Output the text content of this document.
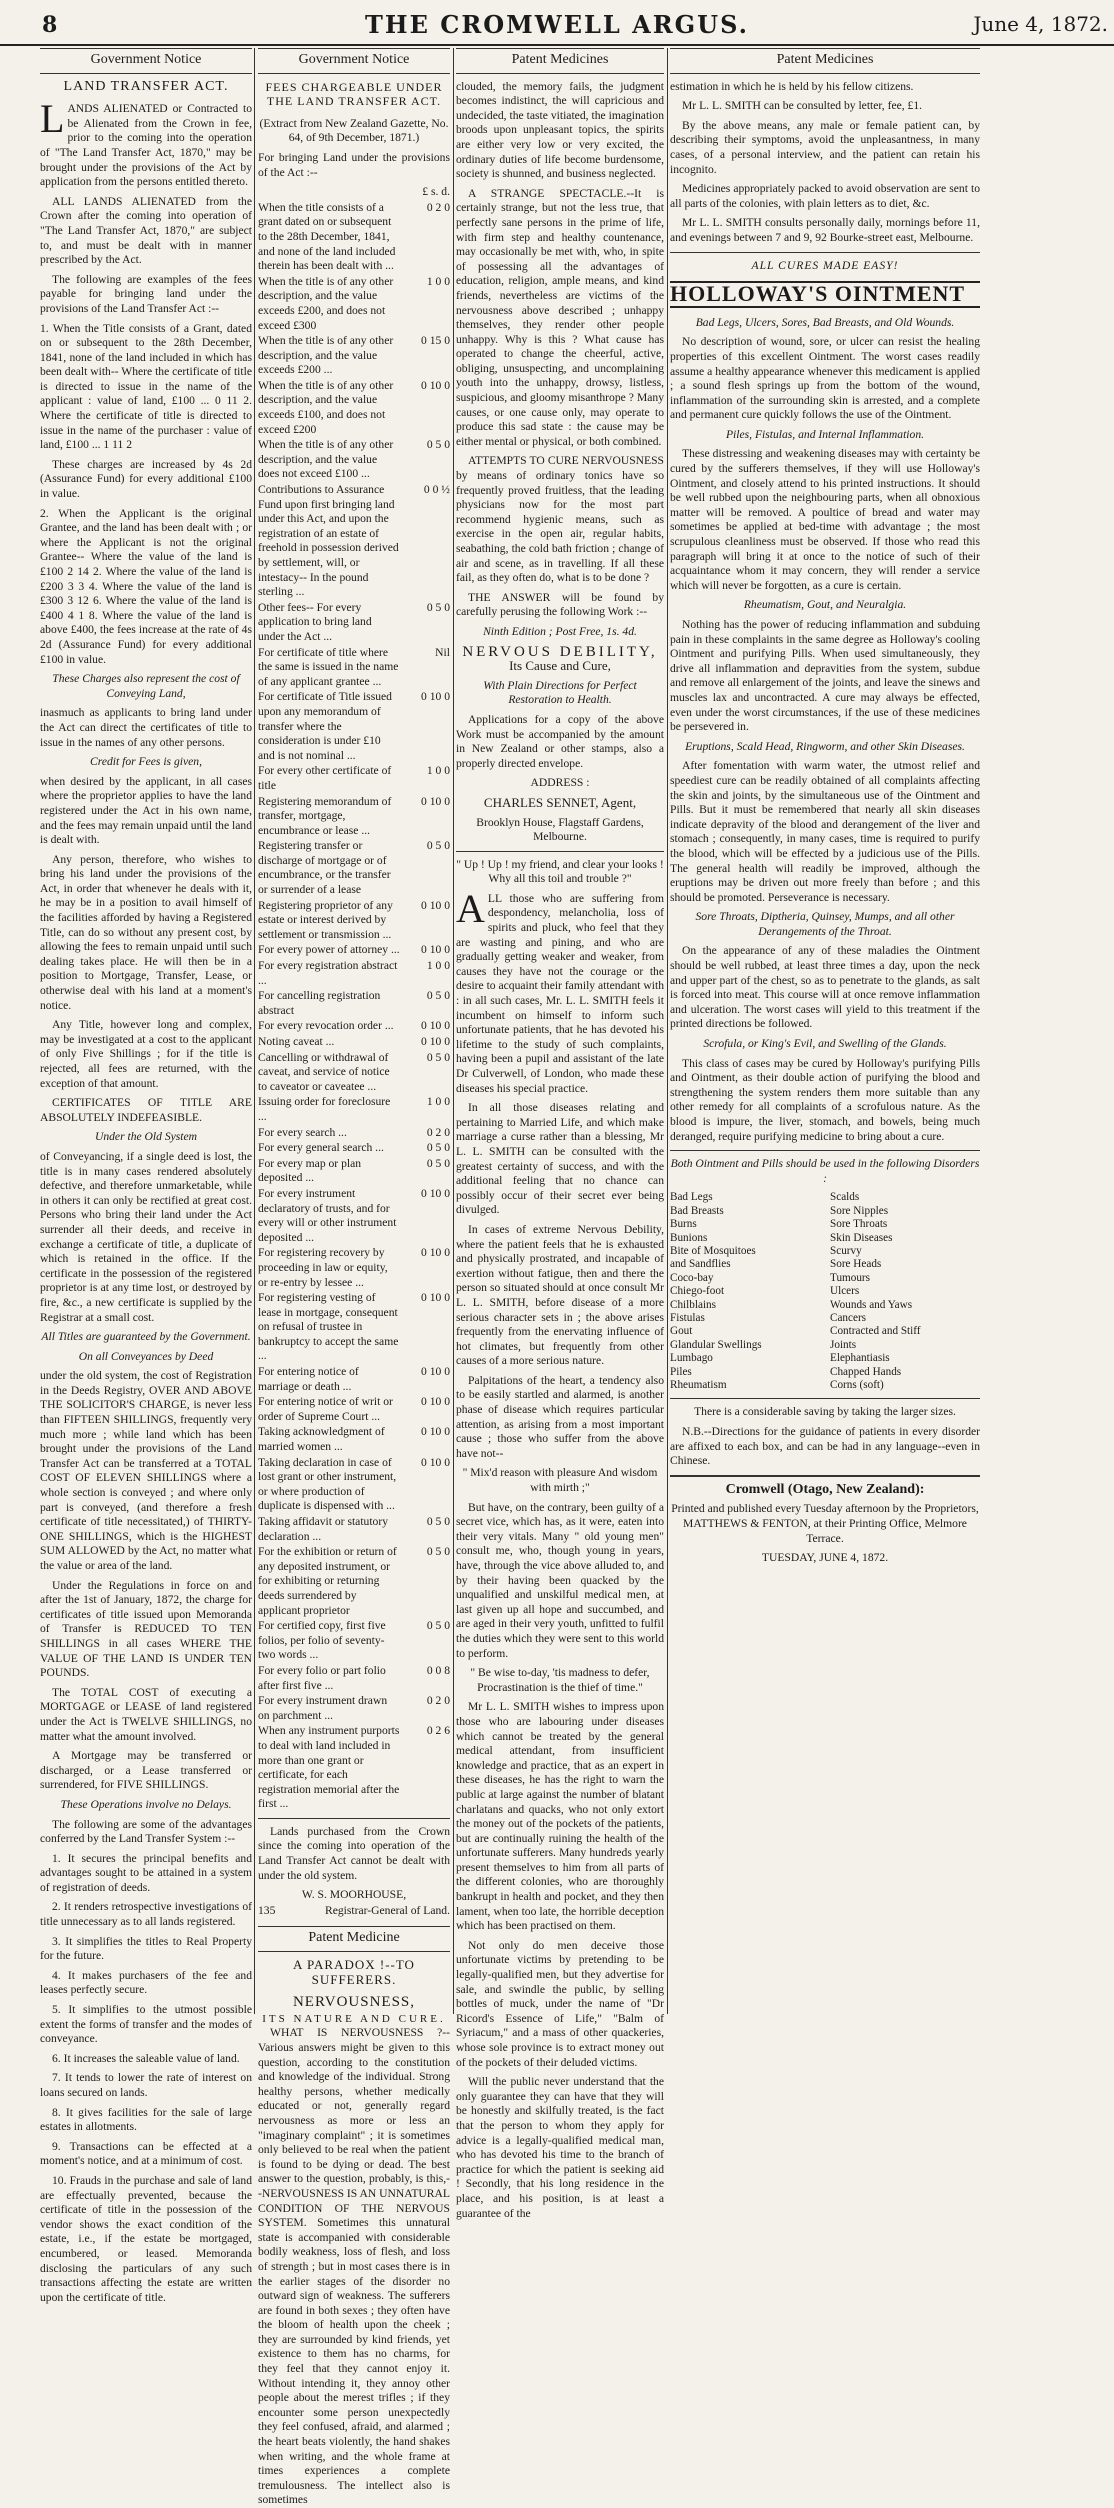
8	THE CROMWELL ARGUS.	June 4, 1872.
Government Notice
LAND TRANSFER ACT.

LANDS ALIENATED or Contracted to be Alienated from the Crown in fee, prior to the coming into the operation of "The Land Transfer Act, 1870," may be brought under the provisions of the Act by application from the persons entitled thereto.

ALL LANDS ALIENATED from the Crown after the coming into operation of "The Land Transfer Act, 1870," are subject to, and must be dealt with in manner prescribed by the Act.

The following are examples of the fees payable for bringing land under the provisions of the Land Transfer Act :--

1. When the Title consists of a Grant, dated on or subsequent to the 28th December, 1841, none of the land included in which has been dealt with-- Where the certificate of title is directed to issue in the name of the applicant : value of land, £100 ... 0 11 2. Where the certificate of title is directed to issue in the name of the purchaser : value of land, £100 ... 1 11 2

These charges are increased by 4s 2d (Assurance Fund) for every additional £100 in value.

2. When the Applicant is the original Grantee, and the land has been dealt with ; or where the Applicant is not the original Grantee-- Where the value of the land is £100 2 14 2. Where the value of the land is £200 3 3 4. Where the value of the land is £300 3 12 6. Where the value of the land is £400 4 1 8. Where the value of the land is above £400, the fees increase at the rate of 4s 2d (Assurance Fund) for every additional £100 in value.

These Charges also represent the cost of Conveying Land,

inasmuch as applicants to bring land under the Act can direct the certificates of title to issue in the names of any other persons.

Credit for Fees is given,

when desired by the applicant, in all cases where the proprietor applies to have the land registered under the Act in his own name, and the fees may remain unpaid until the land is dealt with.

Any person, therefore, who wishes to bring his land under the provisions of the Act, in order that whenever he deals with it, he may be in a position to avail himself of the facilities afforded by having a Registered Title, can do so without any present cost, by allowing the fees to remain unpaid until such dealing takes place. He will then be in a position to Mortgage, Transfer, Lease, or otherwise deal with his land at a moment's notice.

Any Title, however long and complex, may be investigated at a cost to the applicant of only Five Shillings ; for if the title is rejected, all fees are returned, with the exception of that amount.

CERTIFICATES OF TITLE ARE ABSOLUTELY INDEFEASIBLE.

Under the Old System

of Conveyancing, if a single deed is lost, the title is in many cases rendered absolutely defective, and therefore unmarketable, while in others it can only be rectified at great cost. Persons who bring their land under the Act surrender all their deeds, and receive in exchange a certificate of title, a duplicate of which is retained in the office. If the certificate in the possession of the registered proprietor is at any time lost, or destroyed by fire, &c., a new certificate is supplied by the Registrar at a small cost.

All Titles are guaranteed by the Government.

On all Conveyances by Deed

under the old system, the cost of Registration in the Deeds Registry, OVER AND ABOVE THE SOLICITOR'S CHARGE, is never less than FIFTEEN SHILLINGS, frequently very much more ; while land which has been brought under the provisions of the Land Transfer Act can be transferred at a TOTAL COST OF ELEVEN SHILLINGS where a whole section is conveyed ; and where only part is conveyed, (and therefore a fresh certificate of title necessitated,) of THIRTY-ONE SHILLINGS, which is the HIGHEST SUM ALLOWED by the Act, no matter what the value or area of the land.

Under the Regulations in force on and after the 1st of January, 1872, the charge for certificates of title issued upon Memoranda of Transfer is REDUCED TO TEN SHILLINGS in all cases WHERE THE VALUE OF THE LAND IS UNDER TEN POUNDS.

The TOTAL COST of executing a MORTGAGE or LEASE of land registered under the Act is TWELVE SHILLINGS, no matter what the amount involved.

A Mortgage may be transferred or discharged, or a Lease transferred or surrendered, for FIVE SHILLINGS.

These Operations involve no Delays.

The following are some of the advantages conferred by the Land Transfer System :--

1. It secures the principal benefits and advantages sought to be attained in a system of registration of deeds.

2. It renders retrospective investigations of title unnecessary as to all lands registered.

3. It simplifies the titles to Real Property for the future.

4. It makes purchasers of the fee and leases perfectly secure.

5. It simplifies to the utmost possible extent the forms of transfer and the modes of conveyance.

6. It increases the saleable value of land.

7. It tends to lower the rate of interest on loans secured on lands.

8. It gives facilities for the sale of large estates in allotments.

9. Transactions can be effected at a moment's notice, and at a minimum of cost.

10. Frauds in the purchase and sale of land are effectually prevented, because the certificate of title in the possession of the vendor shows the exact condition of the estate, i.e., if the estate be mortgaged, encumbered, or leased. Memoranda disclosing the particulars of any such transactions affecting the estate are written upon the certificate of title.

Government Notice
FEES CHARGEABLE UNDER THE LAND TRANSFER ACT.

(Extract from New Zealand Gazette, No. 64, of 9th December, 1871.)

For bringing Land under the provisions of the Act :--

£ s. d.
When the title consists of a grant dated on or subsequent to the 28th December, 1841, and none of the land included therein has been dealt with ...
0 2 0
When the title is of any other description, and the value exceeds £200, and does not exceed £300
1 0 0
When the title is of any other description, and the value exceeds £200 ...
0 15 0
When the title is of any other description, and the value exceeds £100, and does not exceed £200
0 10 0
When the title is of any other description, and the value does not exceed £100 ...
0 5 0
Contributions to Assurance Fund upon first bringing land under this Act, and upon the registration of an estate of freehold in possession derived by settlement, will, or intestacy-- In the pound sterling ...
0 0 ½
Other fees-- For every application to bring land under the Act ...
0 5 0
For certificate of title where the same is issued in the name of any applicant grantee ...
Nil
For certificate of Title issued upon any memorandum of transfer where the consideration is under £10 and is not nominal ...
0 10 0
For every other certificate of title
1 0 0
Registering memorandum of transfer, mortgage, encumbrance or lease ...
0 10 0
Registering transfer or discharge of mortgage or of encumbrance, or the transfer or surrender of a lease
0 5 0
Registering proprietor of any estate or interest derived by settlement or transmission ...
0 10 0
For every power of attorney ...	0 10 0
For every registration abstract ...
1 0 0
For cancelling registration abstract
0 5 0
For every revocation order ...	0 10 0
Noting caveat ...	0 10 0
Cancelling or withdrawal of caveat, and service of notice to caveator or caveatee ...
0 5 0
Issuing order for foreclosure ...
1 0 0
For every search ...	0 2 0
For every general search ...	0 5 0
For every map or plan deposited ...
0 5 0
For every instrument declaratory of trusts, and for every will or other instrument deposited ...
0 10 0
For registering recovery by proceeding in law or equity, or re-entry by lessee ...
0 10 0
For registering vesting of lease in mortgage, consequent on refusal of trustee in bankruptcy to accept the same ...
0 10 0
For entering notice of marriage or death ...
0 10 0
For entering notice of writ or order of Supreme Court ...
0 10 0
Taking acknowledgment of married women ...
0 10 0
Taking declaration in case of lost grant or other instrument, or where production of duplicate is dispensed with ...
0 10 0
Taking affidavit or statutory declaration ...
0 5 0
For the exhibition or return of any deposited instrument, or for exhibiting or returning deeds surrendered by applicant proprietor
0 5 0
For certified copy, first five folios, per folio of seventy-two words ...
0 5 0
For every folio or part folio after first five ...
0 0 8
For every instrument drawn on parchment ...
0 2 0
When any instrument purports to deal with land included in more than one grant or certificate, for each registration memorial after the first ...
0 2 6

Lands purchased from the Crown since the coming into operation of the Land Transfer Act cannot be dealt with under the old system.

W. S. MOORHOUSE,
135	Registrar-General of Land.
Patent Medicine
A PARADOX !--TO SUFFERERS.
NERVOUSNESS,
ITS NATURE AND CURE.

WHAT IS NERVOUSNESS ?--Various answers might be given to this question, according to the constitution and knowledge of the individual. Strong healthy persons, whether medically educated or not, generally regard nervousness as more or less an "imaginary complaint" ; it is sometimes only believed to be real when the patient is found to be dying or dead. The best answer to the question, probably, is this,--NERVOUSNESS IS AN UNNATURAL CONDITION OF THE NERVOUS SYSTEM. Sometimes this unnatural state is accompanied with considerable bodily weakness, loss of flesh, and loss of strength ; but in most cases there is in the earlier stages of the disorder no outward sign of weakness. The sufferers are found in both sexes ; they often have the bloom of health upon the cheek ; they are surrounded by kind friends, yet existence to them has no charms, for they feel that they cannot enjoy it. Without intending it, they annoy other people about the merest trifles ; if they encounter some person unexpectedly they feel confused, afraid, and alarmed ; the heart beats violently, the hand shakes when writing, and the whole frame at times experiences a complete tremulousness. The intellect also is sometimes

Patent Medicines

clouded, the memory fails, the judgment becomes indistinct, the will capricious and undecided, the taste vitiated, the imagination broods upon unpleasant topics, the spirits are either very low or very excited, the ordinary duties of life become burdensome, society is shunned, and business neglected.

A STRANGE SPECTACLE.--It is certainly strange, but not the less true, that perfectly sane persons in the prime of life, with firm step and healthy countenance, may occasionally be met with, who, in spite of possessing all the advantages of education, religion, ample means, and kind friends, nevertheless are victims of the nervousness above described ; unhappy themselves, they render other people unhappy. Why is this ? What cause has operated to change the cheerful, active, obliging, unsuspecting, and uncomplaining youth into the unhappy, drowsy, listless, suspicious, and gloomy misanthrope ? Many causes, or one cause only, may operate to produce this sad state : the cause may be either mental or physical, or both combined.

ATTEMPTS TO CURE NERVOUSNESS by means of ordinary tonics have so frequently proved fruitless, that the leading physicians now for the most part recommend hygienic means, such as exercise in the open air, regular habits, seabathing, the cold bath friction ; change of air and scene, as in travelling. If all these fail, as they often do, what is to be done ?

THE ANSWER will be found by carefully perusing the following Work :--

Ninth Edition ; Post Free, 1s. 4d.

NERVOUS DEBILITY,

Its Cause and Cure,

With Plain Directions for Perfect Restoration to Health.

Applications for a copy of the above Work must be accompanied by the amount in New Zealand or other stamps, also a properly directed envelope.

ADDRESS :

CHARLES SENNET, Agent,

Brooklyn House, Flagstaff Gardens, Melbourne.

" Up ! Up ! my friend, and clear your looks ! Why all this toil and trouble ?"

ALL those who are suffering from despondency, melancholia, loss of spirits and pluck, who feel that they are wasting and pining, and who are gradually getting weaker and weaker, from causes they have not the courage or the desire to acquaint their family attendant with : in all such cases, Mr. L. L. SMITH feels it incumbent on himself to inform such unfortunate patients, that he has devoted his lifetime to the study of such complaints, having been a pupil and assistant of the late Dr Culverwell, of London, who made these diseases his special practice.

In all those diseases relating and pertaining to Married Life, and which make marriage a curse rather than a blessing, Mr L. L. SMITH can be consulted with the greatest certainty of success, and with the additional feeling that no chance can possibly occur of their secret ever being divulged.

In cases of extreme Nervous Debility, where the patient feels that he is exhausted and physically prostrated, and incapable of exertion without fatigue, then and there the person so situated should at once consult Mr L. L. SMITH, before disease of a more serious character sets in ; the above arises frequently from the enervating influence of hot climates, but frequently from other causes of a more serious nature.

Palpitations of the heart, a tendency also to be easily startled and alarmed, is another phase of disease which requires particular attention, as arising from a most important cause ; those who suffer from the above have not--

" Mix'd reason with pleasure And wisdom with mirth ;"

But have, on the contrary, been guilty of a secret vice, which has, as it were, eaten into their very vitals. Many " old young men" consult me, who, though young in years, have, through the vice above alluded to, and by their having been quacked by the unqualified and unskilful medical men, at last given up all hope and succumbed, and are aged in their very youth, unfitted to fulfil the duties which they were sent to this world to perform.

" Be wise to-day, 'tis madness to defer, Procrastination is the thief of time."

Mr L. L. SMITH wishes to impress upon those who are labouring under diseases which cannot be treated by the general medical attendant, from insufficient knowledge and practice, that as an expert in these diseases, he has the right to warn the public at large against the number of blatant charlatans and quacks, who not only extort the money out of the pockets of the patients, but are continually ruining the health of the unfortunate sufferers. Many hundreds yearly present themselves to him from all parts of the different colonies, who are thoroughly bankrupt in health and pocket, and they then lament, when too late, the horrible deception which has been practised on them.

Not only do men deceive those unfortunate victims by pretending to be legally-qualified men, but they advertise for sale, and swindle the public, by selling bottles of muck, under the name of "Dr Ricord's Essence of Life," "Balm of Syriacum," and a mass of other quackeries, whose sole province is to extract money out of the pockets of their deluded victims.

Will the public never understand that the only guarantee they can have that they will be honestly and skilfully treated, is the fact that the person to whom they apply for advice is a legally-qualified medical man, who has devoted his time to the branch of practice for which the patient is seeking aid ! Secondly, that his long residence in the place, and his position, is at least a guarantee of the

Patent Medicines

estimation in which he is held by his fellow citizens.

Mr L. L. SMITH can be consulted by letter, fee, £1.

By the above means, any male or female patient can, by describing their symptoms, avoid the unpleasantness, in many cases, of a personal interview, and the patient can retain his incognito.

Medicines appropriately packed to avoid observation are sent to all parts of the colonies, with plain letters as to diet, &c.

Mr L. L. SMITH consults personally daily, mornings before 11, and evenings between 7 and 9, 92 Bourke-street east, Melbourne.

ALL CURES MADE EASY!

HOLLOWAY'S OINTMENT

Bad Legs, Ulcers, Sores, Bad Breasts, and Old Wounds.

No description of wound, sore, or ulcer can resist the healing properties of this excellent Ointment. The worst cases readily assume a healthy appearance whenever this medicament is applied ; a sound flesh springs up from the bottom of the wound, inflammation of the surrounding skin is arrested, and a complete and permanent cure quickly follows the use of the Ointment.

Piles, Fistulas, and Internal Inflammation.

These distressing and weakening diseases may with certainty be cured by the sufferers themselves, if they will use Holloway's Ointment, and closely attend to his printed instructions. It should be well rubbed upon the neighbouring parts, when all obnoxious matter will be removed. A poultice of bread and water may sometimes be applied at bed-time with advantage ; the most scrupulous cleanliness must be observed. If those who read this paragraph will bring it at once to the notice of such of their acquaintance whom it may concern, they will render a service which will never be forgotten, as a cure is certain.

Rheumatism, Gout, and Neuralgia.

Nothing has the power of reducing inflammation and subduing pain in these complaints in the same degree as Holloway's cooling Ointment and purifying Pills. When used simultaneously, they drive all inflammation and depravities from the system, subdue and remove all enlargement of the joints, and leave the sinews and muscles lax and uncontracted. A cure may always be effected, even under the worst circumstances, if the use of these medicines be persevered in.

Eruptions, Scald Head, Ringworm, and other Skin Diseases.

After fomentation with warm water, the utmost relief and speediest cure can be readily obtained of all complaints affecting the skin and joints, by the simultaneous use of the Ointment and Pills. But it must be remembered that nearly all skin diseases indicate depravity of the blood and derangement of the liver and stomach ; consequently, in many cases, time is required to purify the blood, which will be effected by a judicious use of the Pills. The general health will readily be improved, although the eruptions may be driven out more freely than before ; and this should be promoted. Perseverance is necessary.

Sore Throats, Diptheria, Quinsey, Mumps, and all other Derangements of the Throat.

On the appearance of any of these maladies the Ointment should be well rubbed, at least three times a day, upon the neck and upper part of the chest, so as to penetrate to the glands, as salt is forced into meat. This course will at once remove inflammation and ulceration. The worst cases will yield to this treatment if the printed directions be followed.

Scrofula, or King's Evil, and Swelling of the Glands.

This class of cases may be cured by Holloway's purifying Pills and Ointment, as their double action of purifying the blood and strengthening the system renders them more suitable than any other remedy for all complaints of a scrofulous nature. As the blood is impure, the liver, stomach, and bowels, being much deranged, require purifying medicine to bring about a cure.

Both Ointment and Pills should be used in the following Disorders :

Bad Legs
Bad Breasts
Burns
Bunions
Bite of Mosquitoes
and Sandflies
Coco-bay
Chiego-foot
Chilblains
Fistulas
Gout
Glandular Swellings
Lumbago
Piles
Rheumatism
Scalds
Sore Nipples
Sore Throats
Skin Diseases
Scurvy
Sore Heads
Tumours
Ulcers
Wounds and Yaws
Cancers
Contracted and Stiff
Joints
Elephantiasis
Chapped Hands
Corns (soft)

There is a considerable saving by taking the larger sizes.

N.B.--Directions for the guidance of patients in every disorder are affixed to each box, and can be had in any language--even in Chinese.

Cromwell (Otago, New Zealand):

Printed and published every Tuesday afternoon by the Proprietors, MATTHEWS & FENTON, at their Printing Office, Melmore Terrace.

TUESDAY, JUNE 4, 1872.
